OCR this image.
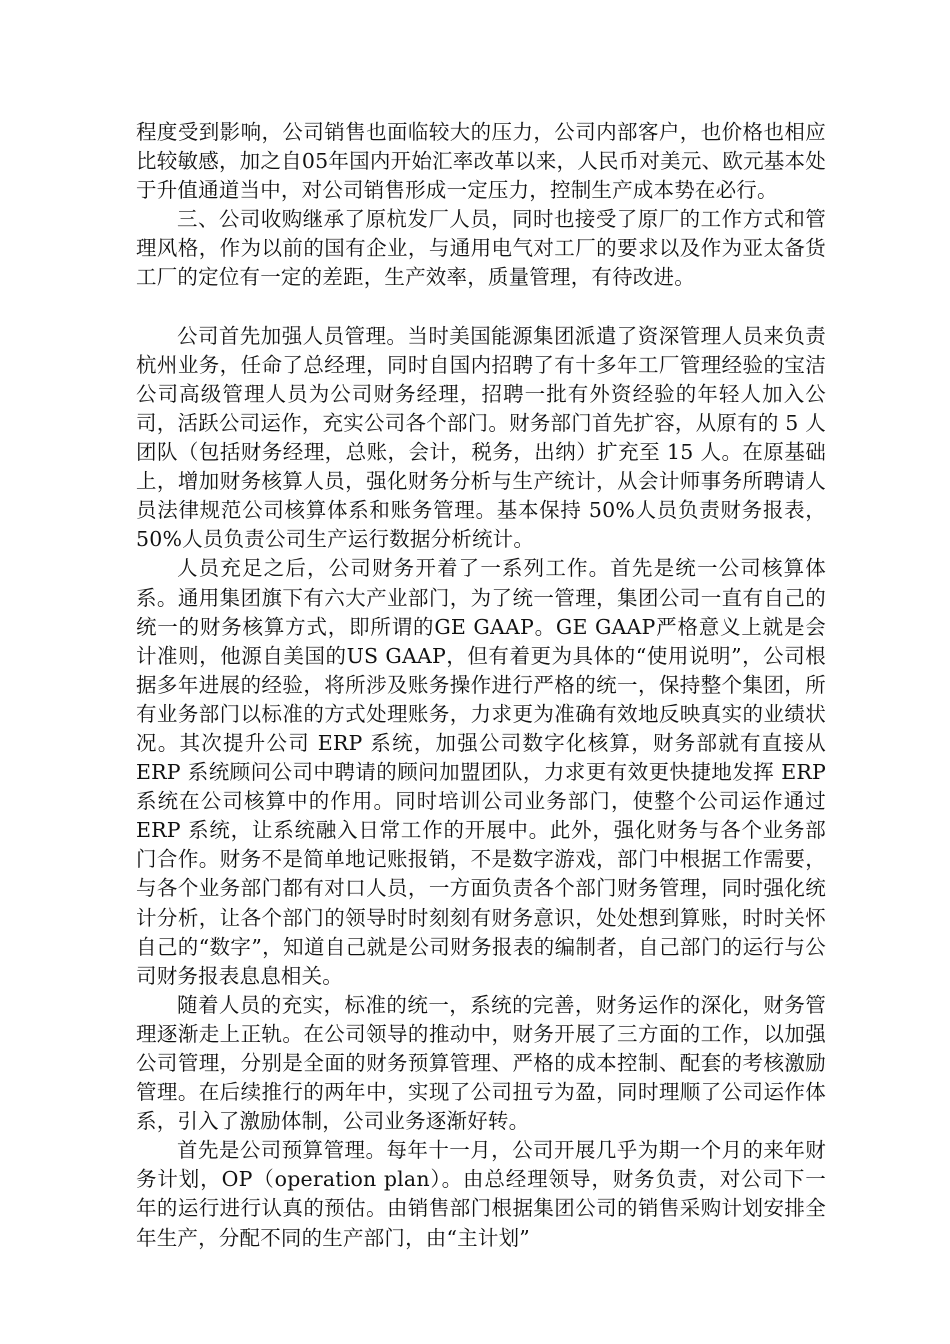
程度受到影响，公司销售也面临较大的压力，公司内部客户，也价格也相应比较敏感，加之自05年国内开始汇率改革以来，人民币对美元、欧元基本处于升值通道当中，对公司销售形成一定压力，控制生产成本势在必行。

三、公司收购继承了原杭发厂人员，同时也接受了原厂的工作方式和管理风格，作为以前的国有企业，与通用电气对工厂的要求以及作为亚太备货工厂的定位有一定的差距，生产效率，质量管理，有待改进。

公司首先加强人员管理。当时美国能源集团派遣了资深管理人员来负责杭州业务，任命了总经理，同时自国内招聘了有十多年工厂管理经验的宝洁公司高级管理人员为公司财务经理，招聘一批有外资经验的年轻人加入公司，活跃公司运作，充实公司各个部门。财务部门首先扩容，从原有的 5 人团队（包括财务经理，总账，会计，税务，出纳）扩充至 15 人。在原基础上，增加财务核算人员，强化财务分析与生产统计，从会计师事务所聘请人员法律规范公司核算体系和账务管理。基本保持 50%人员负责财务报表，50%人员负责公司生产运行数据分析统计。

人员充足之后，公司财务开着了一系列工作。首先是统一公司核算体系。通用集团旗下有六大产业部门，为了统一管理，集团公司一直有自己的统一的财务核算方式，即所谓的GE GAAP。GE GAAP严格意义上就是会计准则，他源自美国的US GAAP，但有着更为具体的“使用说明”，公司根据多年进展的经验，将所涉及账务操作进行严格的统一，保持整个集团，所有业务部门以标准的方式处理账务，力求更为准确有效地反映真实的业绩状况。其次提升公司 ERP 系统，加强公司数字化核算，财务部就有直接从 ERP 系统顾问公司中聘请的顾问加盟团队，力求更有效更快捷地发挥 ERP 系统在公司核算中的作用。同时培训公司业务部门，使整个公司运作通过 ERP 系统，让系统融入日常工作的开展中。此外，强化财务与各个业务部门合作。财务不是简单地记账报销，不是数字游戏，部门中根据工作需要，与各个业务部门都有对口人员，一方面负责各个部门财务管理，同时强化统计分析，让各个部门的领导时时刻刻有财务意识，处处想到算账，时时关怀自己的“数字”，知道自己就是公司财务报表的编制者，自己部门的运行与公司财务报表息息相关。

随着人员的充实，标准的统一，系统的完善，财务运作的深化，财务管理逐渐走上正轨。在公司领导的推动中，财务开展了三方面的工作，以加强公司管理，分别是全面的财务预算管理、严格的成本控制、配套的考核激励管理。在后续推行的两年中，实现了公司扭亏为盈，同时理顺了公司运作体系，引入了激励体制，公司业务逐渐好转。

首先是公司预算管理。每年十一月，公司开展几乎为期一个月的来年财务计划，OP（operation plan）。由总经理领导，财务负责，对公司下一年的运行进行认真的预估。由销售部门根据集团公司的销售采购计划安排全年生产，分配不同的生产部门，由“主计划”
